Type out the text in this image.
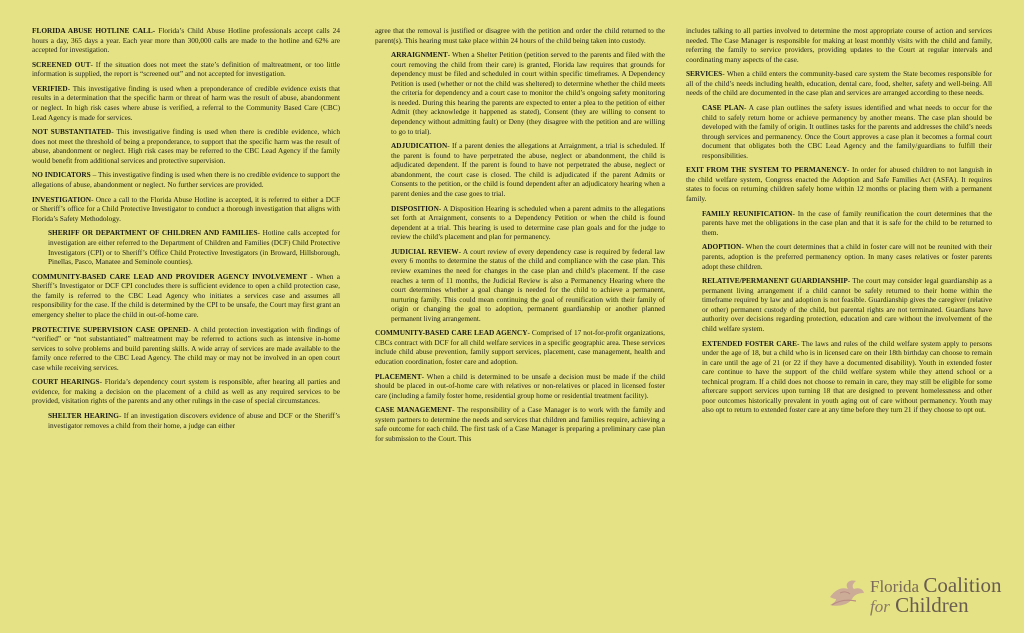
FLORIDA ABUSE HOTLINE CALL- Florida’s Child Abuse Hotline professionals accept calls 24 hours a day, 365 days a year. Each year more than 300,000 calls are made to the hotline and 62% are accepted for investigation.

SCREENED OUT- If the situation does not meet the state’s definition of maltreatment, or too little information is supplied, the report is “screened out” and not accepted for investigation.

VERIFIED- This investigative finding is used when a preponderance of credible evidence exists that results in a determination that the specific harm or threat of harm was the result of abuse, abandonment or neglect. In high risk cases where abuse is verified, a referral to the Community Based Care (CBC) Lead Agency is made for services.

NOT SUBSTANTIATED- This investigative finding is used when there is credible evidence, which does not meet the threshold of being a preponderance, to support that the specific harm was the result of abuse, abandonment or neglect. High risk cases may be referred to the CBC Lead Agency if the family would benefit from additional services and protective supervision.

NO INDICATORS – This investigative finding is used when there is no credible evidence to support the allegations of abuse, abandonment or neglect. No further services are provided.

INVESTIGATION- Once a call to the Florida Abuse Hotline is accepted, it is referred to either a DCF or Sheriff’s office for a Child Protective Investigator to conduct a thorough investigation that aligns with Florida’s Safety Methodology.

SHERIFF OR DEPARTMENT OF CHILDREN AND FAMILIES- Hotline calls accepted for investigation are either referred to the Department of Children and Families (DCF) Child Protective Investigators (CPI) or to Sheriff’s Office Child Protective Investigators (in Broward, Hillsborough, Pinellas, Pasco, Manatee and Seminole counties).

COMMUNITY-BASED CARE LEAD AND PROVIDER AGENCY INVOLVEMENT - When a Sheriff’s Investigator or DCF CPI concludes there is sufficient evidence to open a child protection case, the family is referred to the CBC Lead Agency who initiates a services case and assumes all responsibility for the case. If the child is determined by the CPI to be unsafe, the Court may first grant an emergency shelter to place the child in out-of-home care.

PROTECTIVE SUPERVISION CASE OPENED- A child protection investigation with findings of “verified” or “not substantiated” maltreatment may be referred to actions such as intensive in-home services to solve problems and build parenting skills. A wide array of services are made available to the family once referred to the CBC Lead Agency. The child may or may not be involved in an open court case while receiving services.

COURT HEARINGS- Florida’s dependency court system is responsible, after hearing all parties and evidence, for making a decision on the placement of a child as well as any required services to be provided, visitation rights of the parents and any other rulings in the case of special circumstances.

SHELTER HEARING- If an investigation discovers evidence of abuse and DCF or the Sheriff’s investigator removes a child from their home, a judge can either

agree that the removal is justified or disagree with the petition and order the child returned to the parent(s). This hearing must take place within 24 hours of the child being taken into custody.

ARRAIGNMENT- When a Shelter Petition (petition served to the parents and filed with the court removing the child from their care) is granted, Florida law requires that grounds for dependency must be filed and scheduled in court within specific timeframes. A Dependency Petition is used (whether or not the child was sheltered) to determine whether the child meets the criteria for dependency and a court case to monitor the child’s ongoing safety monitoring is needed. During this hearing the parents are expected to enter a plea to the petition of either Admit (they acknowledge it happened as stated), Consent (they are willing to consent to dependency without admitting fault) or Deny (they disagree with the petition and are willing to go to trial).

ADJUDICATION- If a parent denies the allegations at Arraignment, a trial is scheduled. If the parent is found to have perpetrated the abuse, neglect or abandonment, the child is adjudicated dependent. If the parent is found to have not perpetrated the abuse, neglect or abandonment, the court case is closed. The child is adjudicated if the parent Admits or Consents to the petition, or the child is found dependent after an adjudicatory hearing when a parent denies and the case goes to trial.

DISPOSITION- A Disposition Hearing is scheduled when a parent admits to the allegations set forth at Arraignment, consents to a Dependency Petition or when the child is found dependent at a trial. This hearing is used to determine case plan goals and for the judge to review the child’s placement and plan for permanency.

JUDICIAL REVIEW- A court review of every dependency case is required by federal law every 6 months to determine the status of the child and compliance with the case plan. This review examines the need for changes in the case plan and child’s placement. If the case reaches a term of 11 months, the Judicial Review is also a Permanency Hearing where the court determines whether a goal change is needed for the child to achieve a permanent, nurturing family. This could mean continuing the goal of reunification with their family of origin or changing the goal to adoption, permanent guardianship or another planned permanent living arrangement.

COMMUNITY-BASED CARE LEAD AGENCY- Comprised of 17 not-for-profit organizations, CBCs contract with DCF for all child welfare services in a specific geographic area. These services include child abuse prevention, family support services, placement, case management, health and education coordination, foster care and adoption.

PLACEMENT- When a child is determined to be unsafe a decision must be made if the child should be placed in out-of-home care with relatives or non-relatives or placed in licensed foster care (including a family foster home, residential group home or residential treatment facility).

CASE MANAGEMENT- The responsibility of a Case Manager is to work with the family and system partners to determine the needs and services that children and families require, achieving a safe outcome for each child. The first task of a Case Manager is preparing a preliminary case plan for submission to the Court. This

includes talking to all parties involved to determine the most appropriate course of action and services needed. The Case Manager is responsible for making at least monthly visits with the child and family, referring the family to service providers, providing updates to the Court at regular intervals and coordinating many aspects of the case.

SERVICES- When a child enters the community-based care system the State becomes responsible for all of the child’s needs including health, education, dental care, food, shelter, safety and well-being. All needs of the child are documented in the case plan and services are arranged according to these needs.

CASE PLAN- A case plan outlines the safety issues identified and what needs to occur for the child to safely return home or achieve permanency by another means. The case plan should be developed with the family of origin. It outlines tasks for the parents and addresses the child’s needs through services and permanency. Once the Court approves a case plan it becomes a formal court document that obligates both the CBC Lead Agency and the family/guardians to fulfill their responsibilities.

EXIT FROM THE SYSTEM TO PERMANENCY- In order for abused children to not languish in the child welfare system, Congress enacted the Adoption and Safe Families Act (ASFA). It requires states to focus on returning children safely home within 12 months or placing them with a permanent family.

FAMILY REUNIFICATION- In the case of family reunification the court determines that the parents have met the obligations in the case plan and that it is safe for the child to be returned to them.

ADOPTION- When the court determines that a child in foster care will not be reunited with their parents, adoption is the preferred permanency option. In many cases relatives or foster parents adopt these children.

RELATIVE/PERMANENT GUARDIANSHIP- The court may consider legal guardianship as a permanent living arrangement if a child cannot be safely returned to their home within the timeframe required by law and adoption is not feasible. Guardianship gives the caregiver (relative or other) permanent custody of the child, but parental rights are not terminated. Guardians have authority over decisions regarding protection, education and care without the involvement of the child welfare system.

EXTENDED FOSTER CARE- The laws and rules of the child welfare system apply to persons under the age of 18, but a child who is in licensed care on their 18th birthday can choose to remain in care until the age of 21 (or 22 if they have a documented disability). Youth in extended foster care continue to have the support of the child welfare system while they attend school or a technical program. If a child does not choose to remain in care, they may still be eligible for some aftercare support services upon turning 18 that are designed to prevent homelessness and other poor outcomes historically prevalent in youth aging out of care without permanency. Youth may also opt to return to extended foster care at any time before they turn 21 if they choose to opt out.

Florida Coalition
for Children
